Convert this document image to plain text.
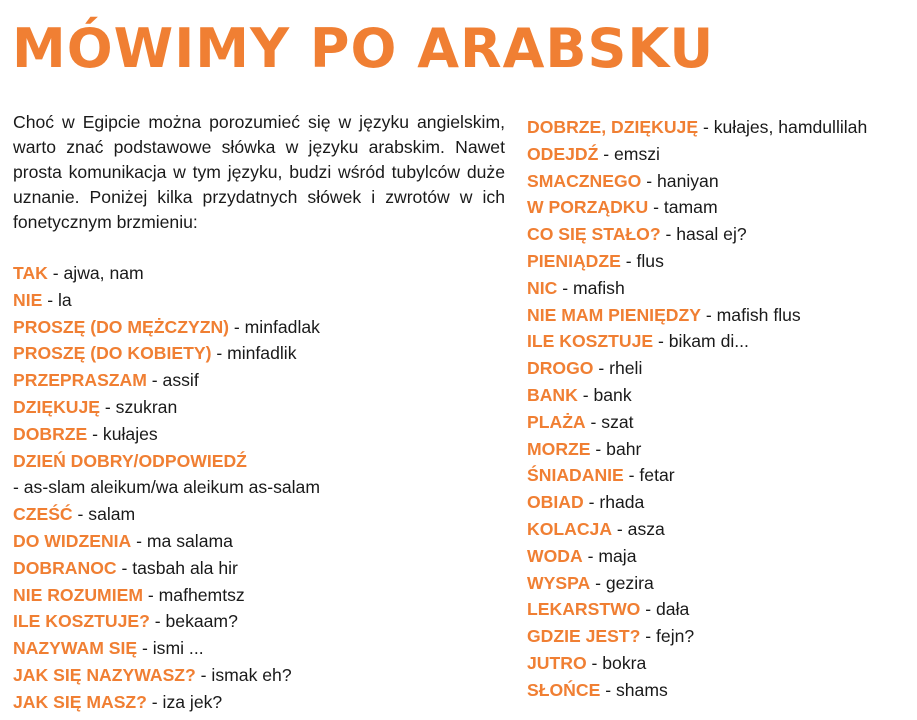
MÓWIMY PO ARABSKU

Choć w Egipcie można porozumieć się w języku angielskim, warto znać podstawowe słówka w języku arabskim. Nawet prosta komunikacja w tym języku, budzi wśród tubylców duże uznanie. Poniżej kilka przydatnych słówek i zwrotów w ich fonetycznym brzmieniu:

TAK - ajwa, nam
NIE - la
PROSZĘ (DO MĘŻCZYZN) - minfadlak
PROSZĘ (DO KOBIETY) - minfadlik
PRZEPRASZAM - assif
DZIĘKUJĘ - szukran
DOBRZE - kułajes
DZIEŃ DOBRY/ODPOWIEDŹ
- as-slam aleikum/wa aleikum as-salam
CZEŚĆ - salam
DO WIDZENIA - ma salama
DOBRANOC - tasbah ala hir
NIE ROZUMIEM - mafhemtsz
ILE KOSZTUJE? - bekaam?
NAZYWAM SIĘ - ismi ...
JAK SIĘ NAZYWASZ? - ismak eh?
JAK SIĘ MASZ? - iza jek?
DOBRZE, DZIĘKUJĘ - kułajes, hamdullilah
ODEJDŹ - emszi
SMACZNEGO - haniyan
W PORZĄDKU - tamam
CO SIĘ STAŁO? - hasal ej?
PIENIĄDZE - flus
NIC - mafish
NIE MAM PIENIĘDZY - mafish flus
ILE KOSZTUJE - bikam di...
DROGO - rheli
BANK - bank
PLAŻA - szat
MORZE - bahr
ŚNIADANIE - fetar
OBIAD - rhada
KOLACJA - asza
WODA - maja
WYSPA - gezira
LEKARSTWO - dała
GDZIE JEST? - fejn?
JUTRO - bokra
SŁOŃCE - shams
